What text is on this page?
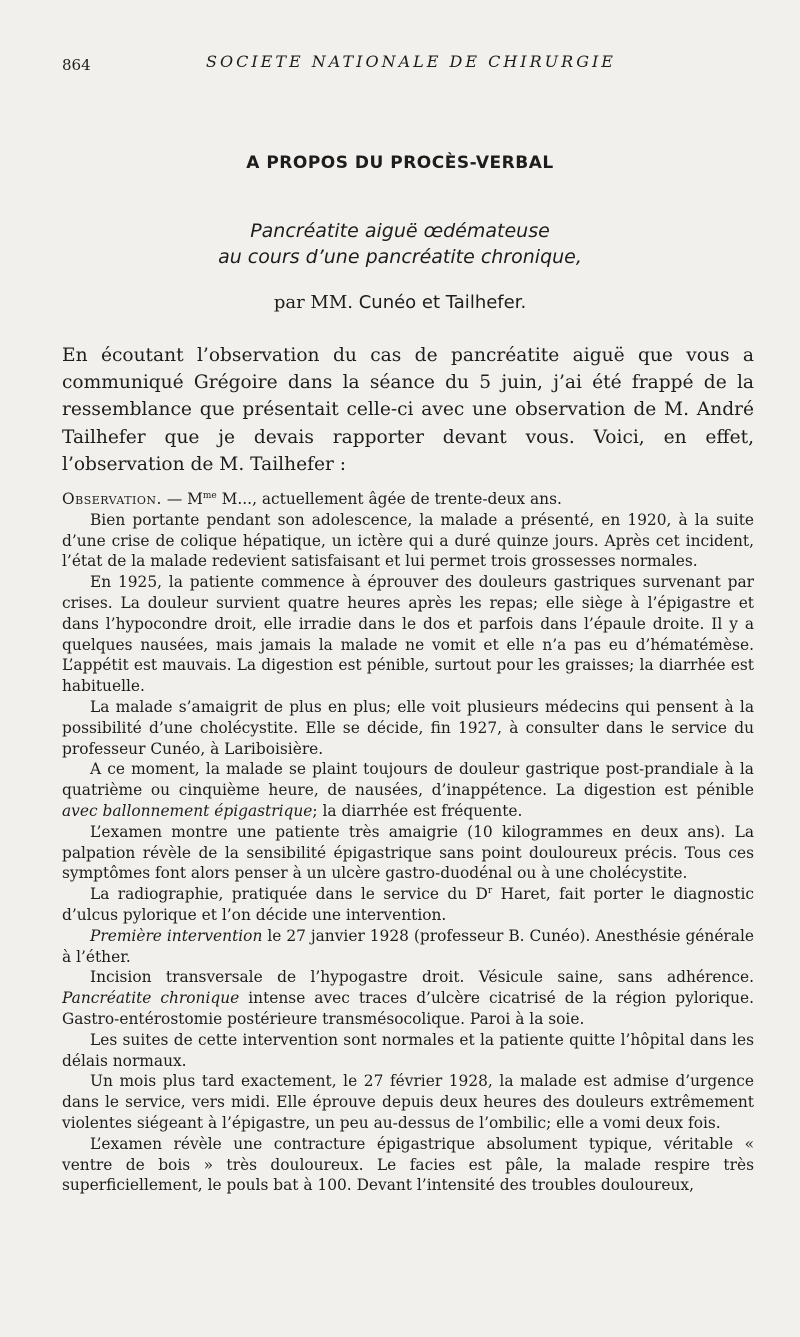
864	SOCIETE NATIONALE DE CHIRURGIE
A PROPOS DU PROCÈS-VERBAL
Pancréatite aiguë œdémateuse
au cours d’une pancréatite chronique,
par MM. Cunéo et Tailhefer.

En écoutant l’observation du cas de pancréatite aiguë que vous a communiqué Grégoire dans la séance du 5 juin, j’ai été frappé de la ressemblance que présentait celle-ci avec une observation de M. André Tailhefer que je devais rapporter devant vous. Voici, en effet, l’observation de M. Tailhefer :

Observation. — $M^{me}$ M..., actuellement âgée de trente-deux ans.

Bien portante pendant son adolescence, la malade a présenté, en 1920, à la suite d’une crise de colique hépatique, un ictère qui a duré quinze jours. Après cet incident, l’état de la malade redevient satisfaisant et lui permet trois grossesses normales.

En 1925, la patiente commence à éprouver des douleurs gastriques survenant par crises. La douleur survient quatre heures après les repas; elle siège à l’épigastre et dans l’hypocondre droit, elle irradie dans le dos et parfois dans l’épaule droite. Il y a quelques nausées, mais jamais la malade ne vomit et elle n’a pas eu d’hématémèse. L’appétit est mauvais. La digestion est pénible, surtout pour les graisses; la diarrhée est habituelle.

La malade s’amaigrit de plus en plus; elle voit plusieurs médecins qui pensent à la possibilité d’une cholécystite. Elle se décide, fin 1927, à consulter dans le service du professeur Cunéo, à Lariboisière.

A ce moment, la malade se plaint toujours de douleur gastrique post-prandiale à la quatrième ou cinquième heure, de nausées, d’inappétence. La digestion est pénible avec ballonnement épigastrique; la diarrhée est fréquente.

L’examen montre une patiente très amaigrie (10 kilogrammes en deux ans). La palpation révèle de la sensibilité épigastrique sans point douloureux précis. Tous ces symptômes font alors penser à un ulcère gastro-duodénal ou à une cholécystite.

La radiographie, pratiquée dans le service du $D^r$ Haret, fait porter le diagnostic d’ulcus pylorique et l’on décide une intervention.

Première intervention le 27 janvier 1928 (professeur B. Cunéo). Anesthésie générale à l’éther.

Incision transversale de l’hypogastre droit. Vésicule saine, sans adhérence. Pancréatite chronique intense avec traces d’ulcère cicatrisé de la région pylorique. Gastro-entérostomie postérieure transmésocolique. Paroi à la soie.

Les suites de cette intervention sont normales et la patiente quitte l’hôpital dans les délais normaux.

Un mois plus tard exactement, le 27 février 1928, la malade est admise d’urgence dans le service, vers midi. Elle éprouve depuis deux heures des douleurs extrêmement violentes siégeant à l’épigastre, un peu au-dessus de l’ombilic; elle a vomi deux fois.

L’examen révèle une contracture épigastrique absolument typique, véritable « ventre de bois » très douloureux. Le facies est pâle, la malade respire très superficiellement, le pouls bat à 100. Devant l’intensité des troubles douloureux,
